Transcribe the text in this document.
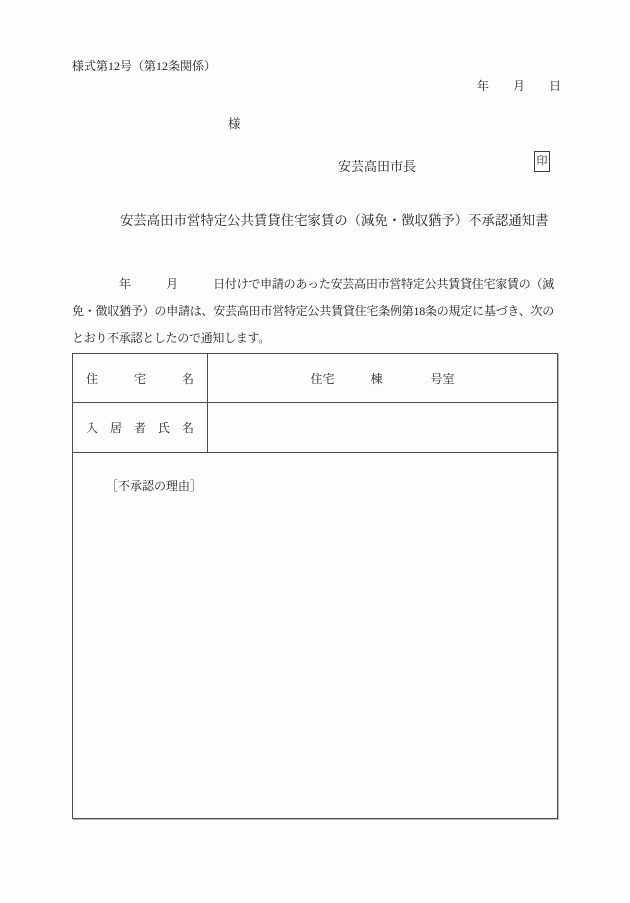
様式第12号（第12条関係）
年　　月　　日
様
安芸高田市長	印
安芸高田市営特定公共賃貸住宅家賃の（減免・徴収猶予）不承認通知書
　　　　年　　　月　　　日付けで申請のあった安芸高田市営特定公共賃貸住宅家賃の（減免・徴収猶予）の申請は、安芸高田市営特定公共賃貸住宅条例第18条の規定に基づき、次のとおり不承認としたので通知します。
住　　　宅　　　名	住宅　　　棟　　　　号室
入　居　者　氏　名

［不承認の理由］
